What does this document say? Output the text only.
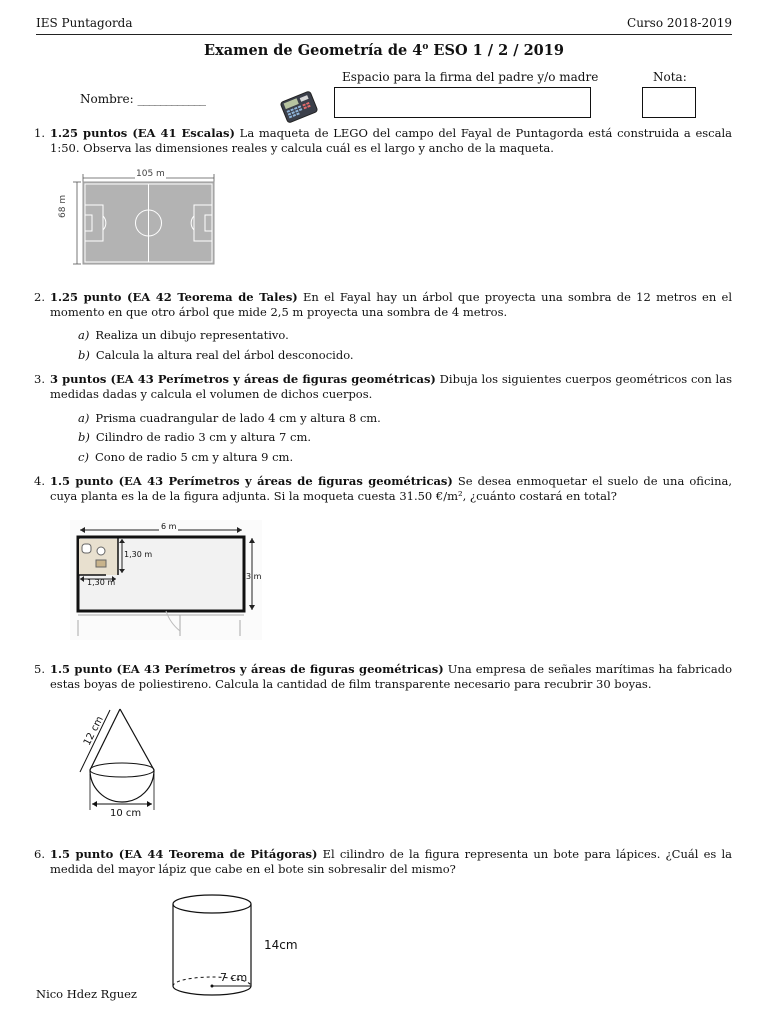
IES Puntagorda	Curso 2018-2019
Examen de Geometría de 4$^o$ ESO 1 / 2 / 2019
Nombre: ____________
Espacio para la firma del padre y/o madre	Nota:
1. 1.25 puntos (EA 41 Escalas) La maqueta de LEGO del campo del Fayal de Puntagorda está construida a escala 1:50. Observa las dimensiones reales y calcula cuál es el largo y ancho de la maqueta.
105 m
68 m
2. 1.25 punto (EA 42 Teorema de Tales) En el Fayal hay un árbol que proyecta una sombra de 12 metros en el momento en que otro árbol que mide 2,5 m proyecta una sombra de 4 metros.
a) Realiza un dibujo representativo.
b) Calcula la altura real del árbol desconocido.
3. 3 puntos (EA 43 Perímetros y áreas de figuras geométricas) Dibuja los siguientes cuerpos geométricos con las medidas dadas y calcula el volumen de dichos cuerpos.
a) Prisma cuadrangular de lado 4 cm y altura 8 cm.
b) Cilindro de radio 3 cm y altura 7 cm.
c) Cono de radio 5 cm y altura 9 cm.
4. 1.5 punto (EA 43 Perímetros y áreas de figuras geométricas) Se desea enmoquetar el suelo de una oficina, cuya planta es la de la figura adjunta. Si la moqueta cuesta 31.50 €/m², ¿cuánto costará en total?
6 m
3 m
1,30 m
1,30 m
5. 1.5 punto (EA 43 Perímetros y áreas de figuras geométricas) Una empresa de señales marítimas ha fabricado estas boyas de poliestireno. Calcula la cantidad de film transparente necesario para recubrir 30 boyas.
12 cm
10 cm
6. 1.5 punto (EA 44 Teorema de Pitágoras) El cilindro de la figura representa un bote para lápices. ¿Cuál es la medida del mayor lápiz que cabe en el bote sin sobresalir del mismo?
14cm
7 cm
Nico Hdez Rguez
